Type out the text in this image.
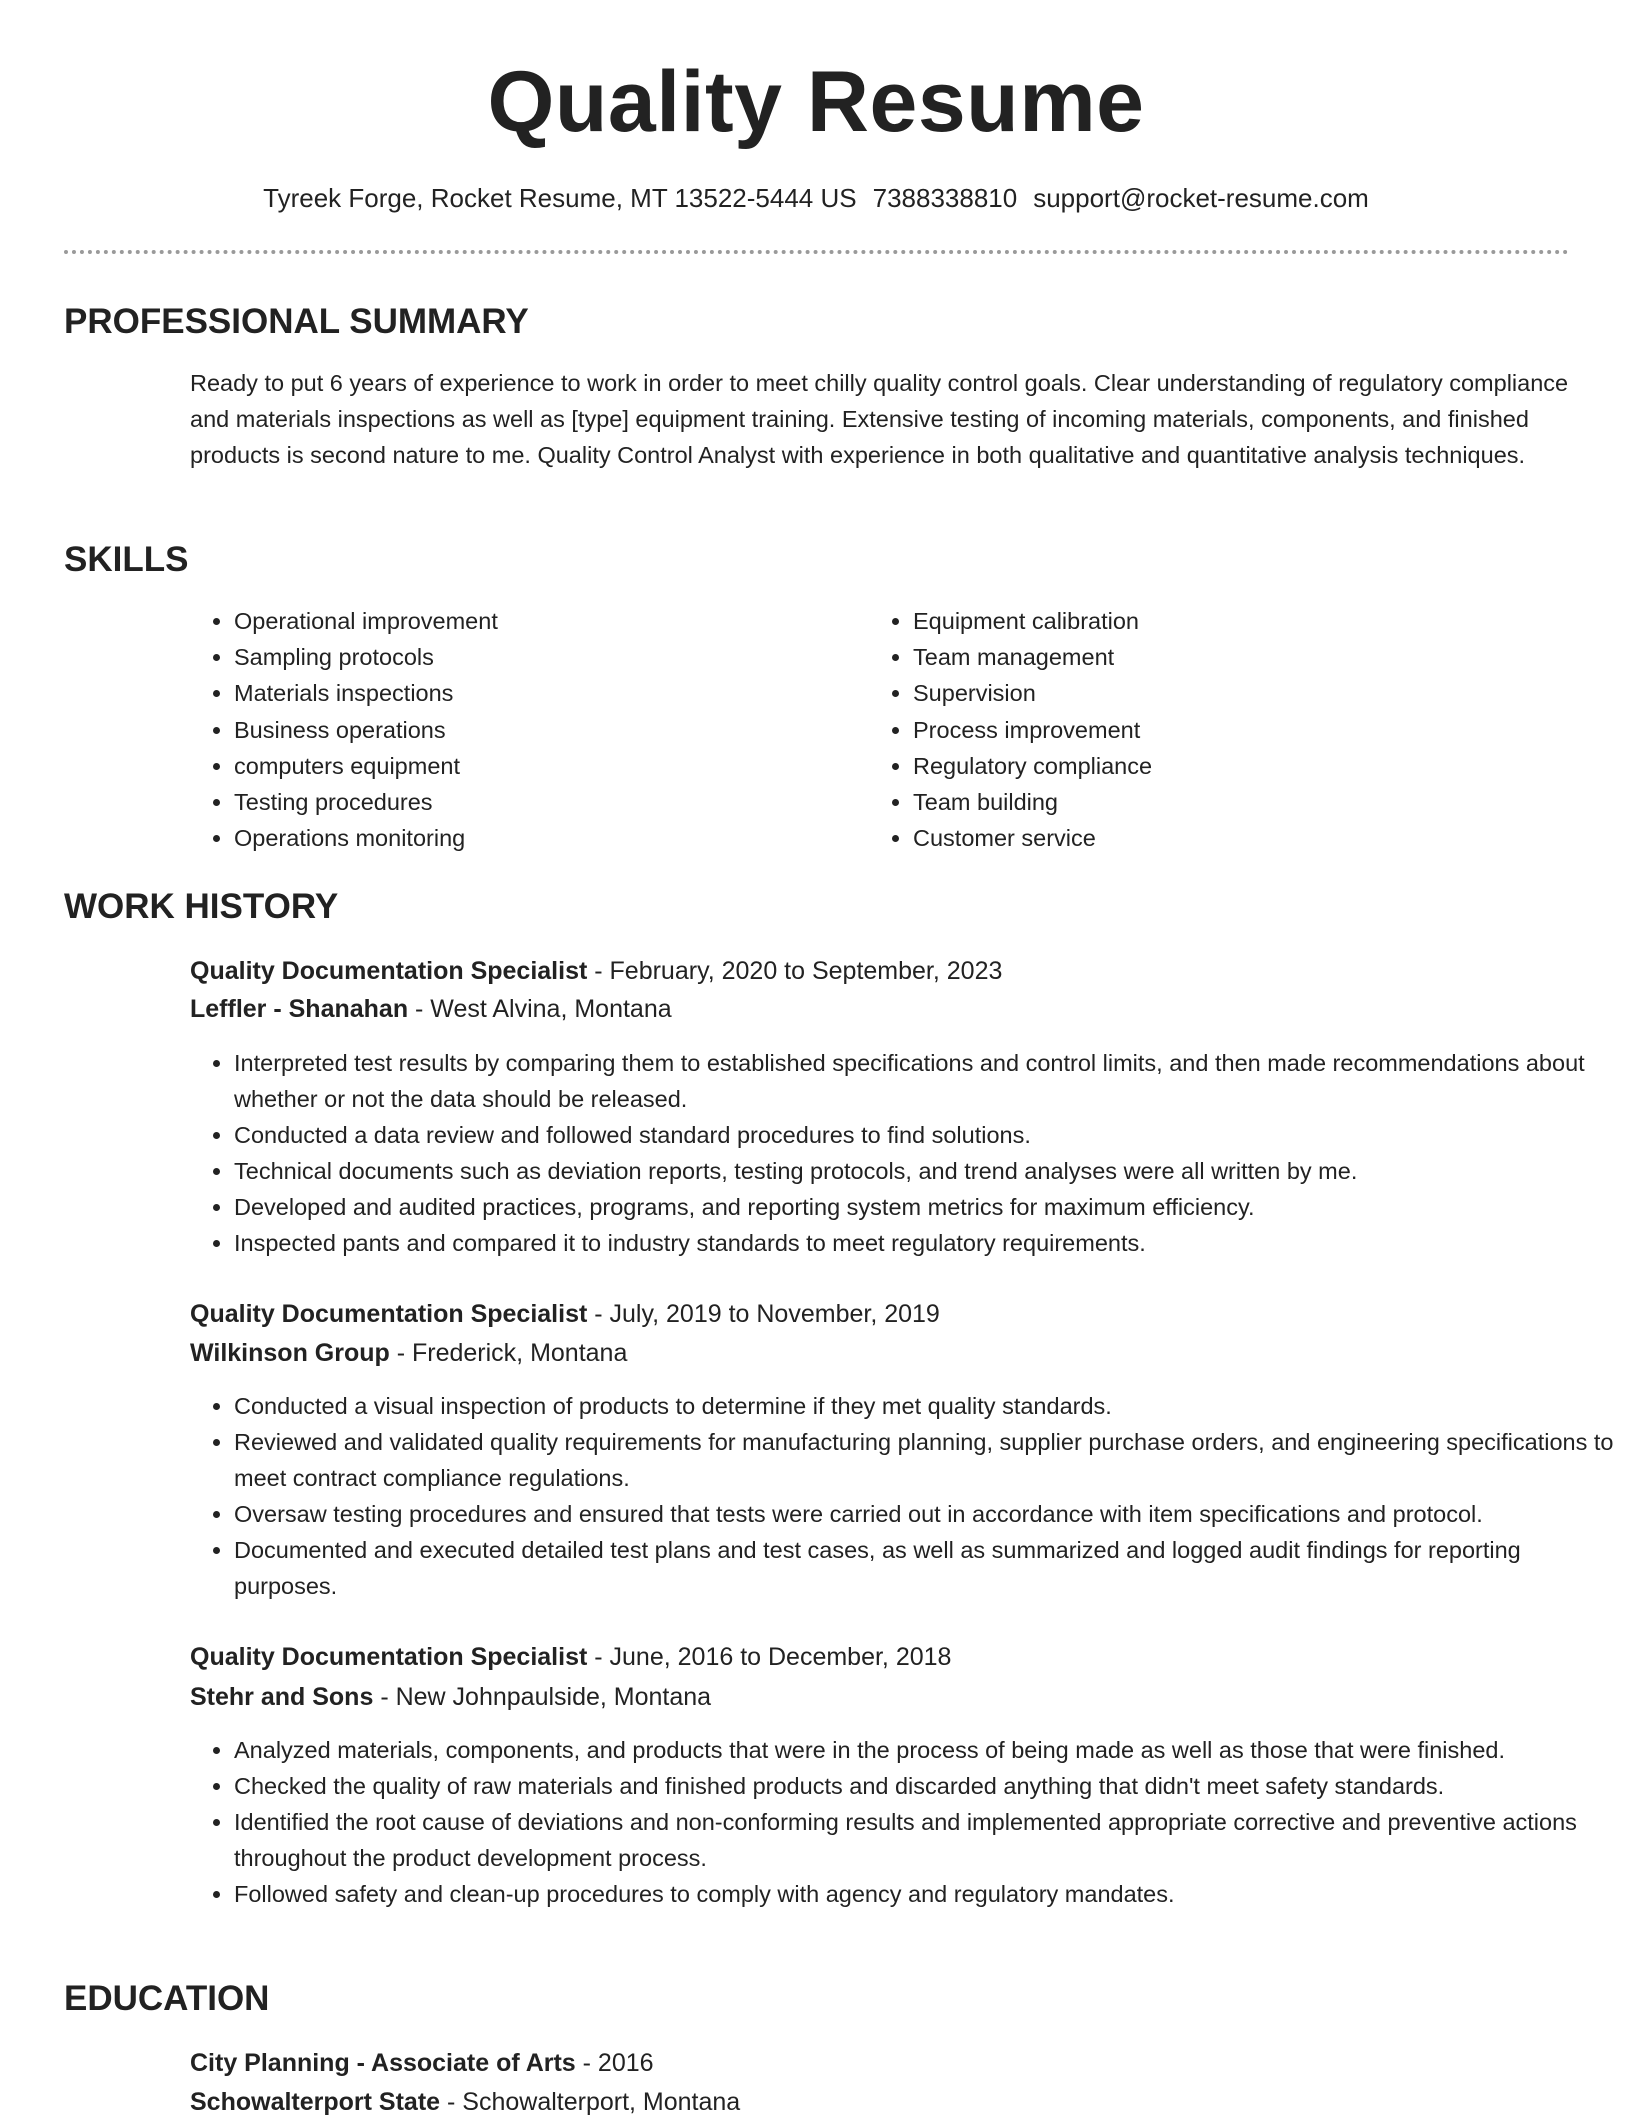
Quality Resume
Tyreek Forge, Rocket Resume, MT 13522-5444 US 7388338810 support@rocket-resume.com
PROFESSIONAL SUMMARY

Ready to put 6 years of experience to work in order to meet chilly quality control goals. Clear understanding of regulatory compliance and materials inspections as well as [type] equipment training. Extensive testing of incoming materials, components, and finished products is second nature to me. Quality Control Analyst with experience in both qualitative and quantitative analysis techniques.

SKILLS
• Operational improvement
• Sampling protocols
• Materials inspections
• Business operations
• computers equipment
• Testing procedures
• Operations monitoring
• Equipment calibration
• Team management
• Supervision
• Process improvement
• Regulatory compliance
• Team building
• Customer service
WORK HISTORY
Quality Documentation Specialist - February, 2020 to September, 2023
Leffler - Shanahan - West Alvina, Montana
• Interpreted test results by comparing them to established specifications and control limits, and then made recommendations about whether or not the data should be released.
• Conducted a data review and followed standard procedures to find solutions.
• Technical documents such as deviation reports, testing protocols, and trend analyses were all written by me.
• Developed and audited practices, programs, and reporting system metrics for maximum efficiency.
• Inspected pants and compared it to industry standards to meet regulatory requirements.
Quality Documentation Specialist - July, 2019 to November, 2019
Wilkinson Group - Frederick, Montana
• Conducted a visual inspection of products to determine if they met quality standards.
• Reviewed and validated quality requirements for manufacturing planning, supplier purchase orders, and engineering specifications to meet contract compliance regulations.
• Oversaw testing procedures and ensured that tests were carried out in accordance with item specifications and protocol.
• Documented and executed detailed test plans and test cases, as well as summarized and logged audit findings for reporting purposes.
Quality Documentation Specialist - June, 2016 to December, 2018
Stehr and Sons - New Johnpaulside, Montana
• Analyzed materials, components, and products that were in the process of being made as well as those that were finished.
• Checked the quality of raw materials and finished products and discarded anything that didn't meet safety standards.
• Identified the root cause of deviations and non-conforming results and implemented appropriate corrective and preventive actions throughout the product development process.
• Followed safety and clean-up procedures to comply with agency and regulatory mandates.
EDUCATION
City Planning - Associate of Arts - 2016
Schowalterport State - Schowalterport, Montana
